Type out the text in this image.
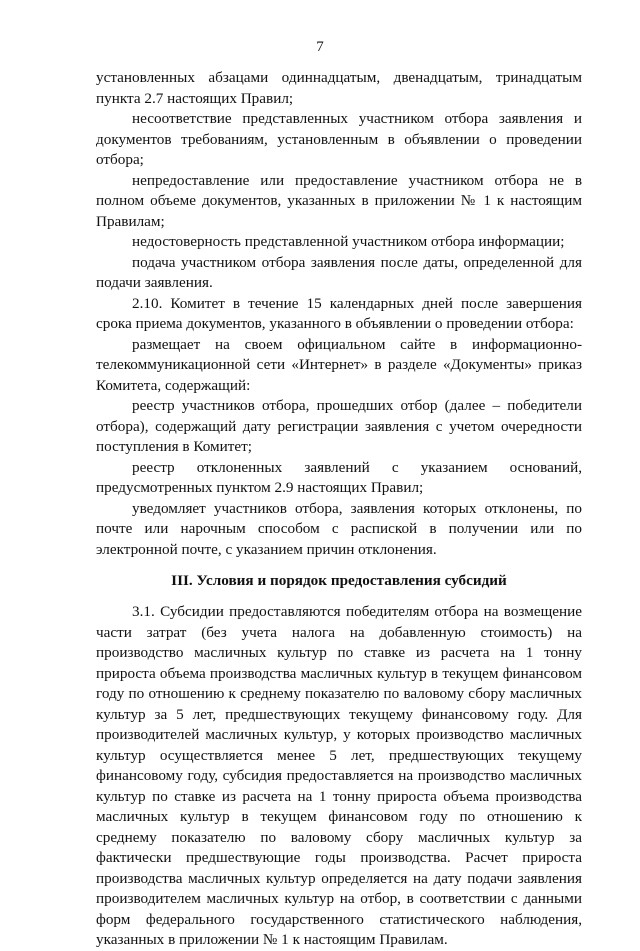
7

установленных абзацами одиннадцатым, двенадцатым, тринадцатым пункта 2.7 настоящих Правил;

несоответствие представленных участником отбора заявления и документов требованиям, установленным в объявлении о проведении отбора;

непредоставление или предоставление участником отбора не в полном объеме документов, указанных в приложении № 1 к настоящим Правилам;

недостоверность представленной участником отбора информации;

подача участником отбора заявления после даты, определенной для подачи заявления.

2.10. Комитет в течение 15 календарных дней после завершения срока приема документов, указанного в объявлении о проведении отбора:

размещает на своем официальном сайте в информационно-телекоммуникационной сети «Интернет» в разделе «Документы» приказ Комитета, содержащий:

реестр участников отбора, прошедших отбор (далее – победители отбора), содержащий дату регистрации заявления с учетом очередности поступления в Комитет;

реестр отклоненных заявлений с указанием оснований, предусмотренных пунктом 2.9 настоящих Правил;

уведомляет участников отбора, заявления которых отклонены, по почте или нарочным способом с распиской в получении или по электронной почте, с указанием причин отклонения.

III. Условия и порядок предоставления субсидий

3.1. Субсидии предоставляются победителям отбора на возмещение части затрат (без учета налога на добавленную стоимость) на производство масличных культур по ставке из расчета на 1 тонну прироста объема производства масличных культур в текущем финансовом году по отношению к среднему показателю по валовому сбору масличных культур за 5 лет, предшествующих текущему финансовому году. Для производителей масличных культур, у которых производство масличных культур осуществляется менее 5 лет, предшествующих текущему финансовому году, субсидия предоставляется на производство масличных культур по ставке из расчета на 1 тонну прироста объема производства масличных культур в текущем финансовом году по отношению к среднему показателю по валовому сбору масличных культур за фактически предшествующие годы производства. Расчет прироста производства масличных культур определяется на дату подачи заявления производителем масличных культур на отбор, в соответствии с данными форм федерального государственного статистического наблюдения, указанных в приложении № 1 к настоящим Правилам.
